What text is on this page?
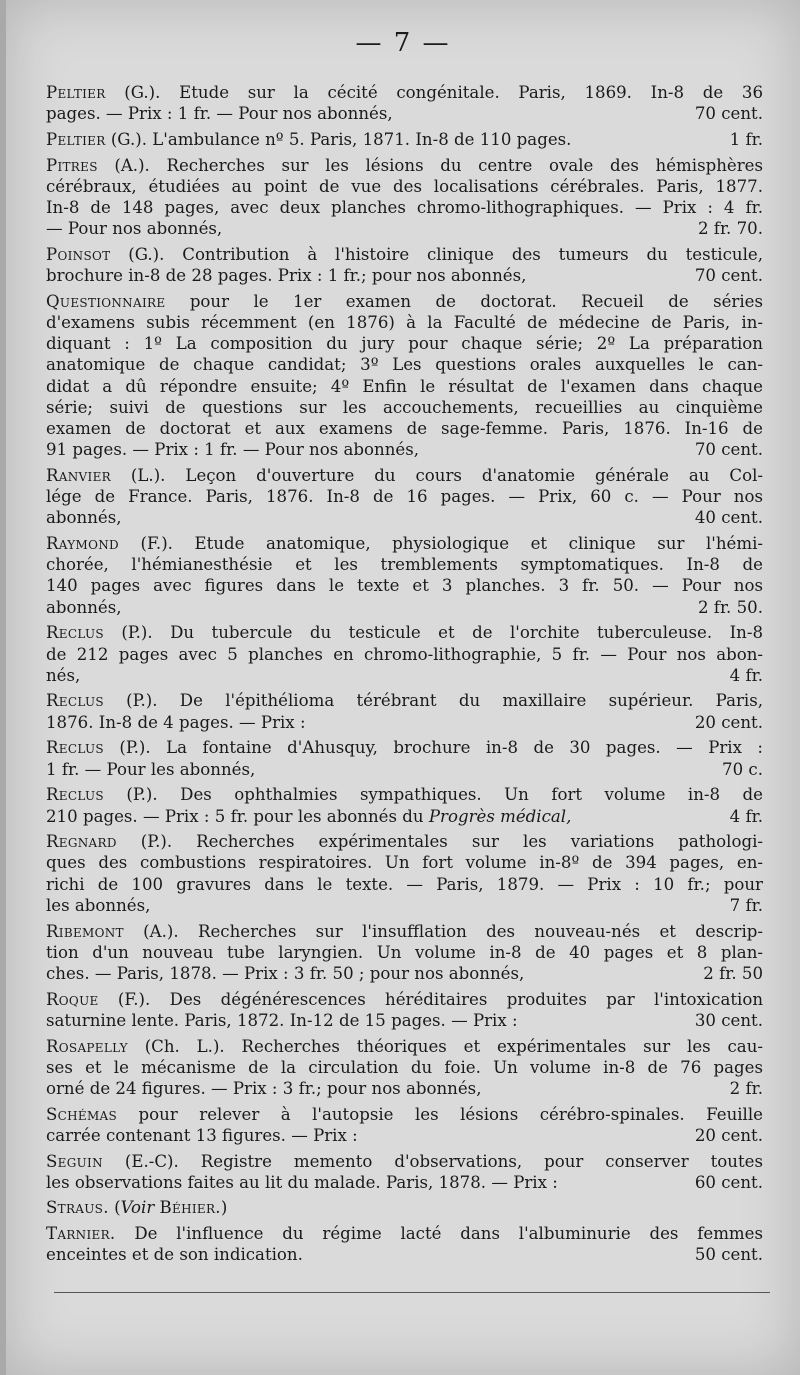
— 7 —
Peltier (G.). Etude sur la cécité congénitale. Paris, 1869. In-8 de 36
pages. — Prix : 1 fr. — Pour nos abonnés,	70 cent.
Peltier (G.). L'ambulance nº 5. Paris, 1871. In-8 de 110 pages.	1 fr.
Pitres (A.). Recherches sur les lésions du centre ovale des hémisphères
cérébraux, étudiées au point de vue des localisations cérébrales. Paris, 1877.
In-8 de 148 pages, avec deux planches chromo-lithographiques. — Prix : 4 fr.
— Pour nos abonnés,	2 fr. 70.
Poinsot (G.). Contribution à l'histoire clinique des tumeurs du testicule,
brochure in-8 de 28 pages. Prix : 1 fr.; pour nos abonnés,	70 cent.
Questionnaire pour le 1er examen de doctorat. Recueil de séries
d'examens subis récemment (en 1876) à la Faculté de médecine de Paris, in-
diquant : 1º La composition du jury pour chaque série; 2º La préparation
anatomique de chaque candidat; 3º Les questions orales auxquelles le can-
didat a dû répondre ensuite; 4º Enfin le résultat de l'examen dans chaque
série; suivi de questions sur les accouchements, recueillies au cinquième
examen de doctorat et aux examens de sage-femme. Paris, 1876. In-16 de
91 pages. — Prix : 1 fr. — Pour nos abonnés,	70 cent.
Ranvier (L.). Leçon d'ouverture du cours d'anatomie générale au Col-
lége de France. Paris, 1876. In-8 de 16 pages. — Prix, 60 c. — Pour nos
abonnés,	40 cent.
Raymond (F.). Etude anatomique, physiologique et clinique sur l'hémi-
chorée, l'hémianesthésie et les tremblements symptomatiques. In-8 de
140 pages avec figures dans le texte et 3 planches. 3 fr. 50. — Pour nos
abonnés,	2 fr. 50.
Reclus (P.). Du tubercule du testicule et de l'orchite tuberculeuse. In-8
de 212 pages avec 5 planches en chromo-lithographie, 5 fr. — Pour nos abon-
nés,	4 fr.
Reclus (P.). De l'épithélioma térébrant du maxillaire supérieur. Paris,
1876. In-8 de 4 pages. — Prix :	20 cent.
Reclus (P.). La fontaine d'Ahusquy, brochure in-8 de 30 pages. — Prix :
1 fr. — Pour les abonnés,	70 c.
Reclus (P.). Des ophthalmies sympathiques. Un fort volume in-8 de
210 pages. — Prix : 5 fr. pour les abonnés du Progrès médical,	4 fr.
Regnard (P.). Recherches expérimentales sur les variations pathologi-
ques des combustions respiratoires. Un fort volume in-8º de 394 pages, en-
richi de 100 gravures dans le texte. — Paris, 1879. — Prix : 10 fr.; pour
les abonnés,	7 fr.
Ribemont (A.). Recherches sur l'insufflation des nouveau-nés et descrip-
tion d'un nouveau tube laryngien. Un volume in-8 de 40 pages et 8 plan-
ches. — Paris, 1878. — Prix : 3 fr. 50 ; pour nos abonnés,	2 fr. 50
Roque (F.). Des dégénérescences héréditaires produites par l'intoxication
saturnine lente. Paris, 1872. In-12 de 15 pages. — Prix :	30 cent.
Rosapelly (Ch. L.). Recherches théoriques et expérimentales sur les cau-
ses et le mécanisme de la circulation du foie. Un volume in-8 de 76 pages
orné de 24 figures. — Prix : 3 fr.; pour nos abonnés,	2 fr.
Schémas pour relever à l'autopsie les lésions cérébro-spinales. Feuille
carrée contenant 13 figures. — Prix :	20 cent.
Seguin (E.-C). Registre memento d'observations, pour conserver toutes
les observations faites au lit du malade. Paris, 1878. — Prix :	60 cent.
Straus. (Voir Béhier.)
Tarnier. De l'influence du régime lacté dans l'albuminurie des femmes
enceintes et de son indication.	50 cent.
